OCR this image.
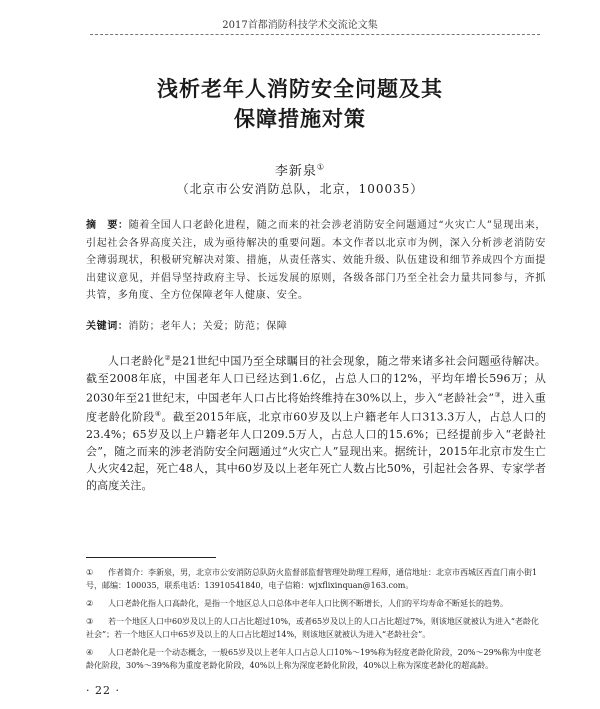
2017首都消防科技学术交流论文集
浅析老年人消防安全问题及其
保障措施对策
李新泉①
（北京市公安消防总队，北京，100035）
摘　要：随着全国人口老龄化进程，随之而来的社会涉老消防安全问题通过“火灾亡人”显现出来，引起社会各界高度关注，成为亟待解决的重要问题。本文作者以北京市为例，深入分析涉老消防安全薄弱现状，积极研究解决对策、措施，从责任落实、效能升级、队伍建设和细节养成四个方面提出建议意见，并倡导坚持政府主导、长远发展的原则，各级各部门乃至全社会力量共同参与，齐抓共管，多角度、全方位保障老年人健康、安全。
关键词：消防；老年人；关爱；防范；保障
人口老龄化②是21世纪中国乃至全球瞩目的社会现象，随之带来诸多社会问题亟待解决。截至2008年底，中国老年人口已经达到1.6亿，占总人口的12%，平均年增长596万；从2030年至21世纪末，中国老年人口占比将始终维持在30%以上，步入“老龄社会”③，进入重度老龄化阶段④。截至2015年底，北京市60岁及以上户籍老年人口313.3万人，占总人口的23.4%；65岁及以上户籍老年人口209.5万人，占总人口的15.6%；已经提前步入“老龄社会”，随之而来的涉老消防安全问题通过“火灾亡人”显现出来。据统计，2015年北京市发生亡人火灾42起，死亡48人，其中60岁及以上老年死亡人数占比50%，引起社会各界、专家学者的高度关注。

① 作者简介：李新泉，男，北京市公安消防总队防火监督部监督管理处助理工程师，通信地址：北京市西城区西直门南小街1号，邮编：100035，联系电话：13910541840，电子信箱：wjxflixinquan@163.com。

② 人口老龄化指人口高龄化，是指一个地区总人口总体中老年人口比例不断增长，人们的平均寿命不断延长的趋势。

③ 若一个地区人口中60岁及以上的人口占比超过10%，或者65岁及以上的人口占比超过7%，则该地区就被认为进入“老龄化社会”；若一个地区人口中65岁及以上的人口占比超过14%，则该地区就被认为进入“老龄社会”。

④ 人口老龄化是一个动态概念，一般65岁及以上老年人口占总人口10%～19%称为轻度老龄化阶段，20%～29%称为中度老龄化阶段，30%～39%称为重度老龄化阶段，40%以上称为深度老龄化阶段，40%以上称为深度老龄化的超高龄。

· 22 ·
